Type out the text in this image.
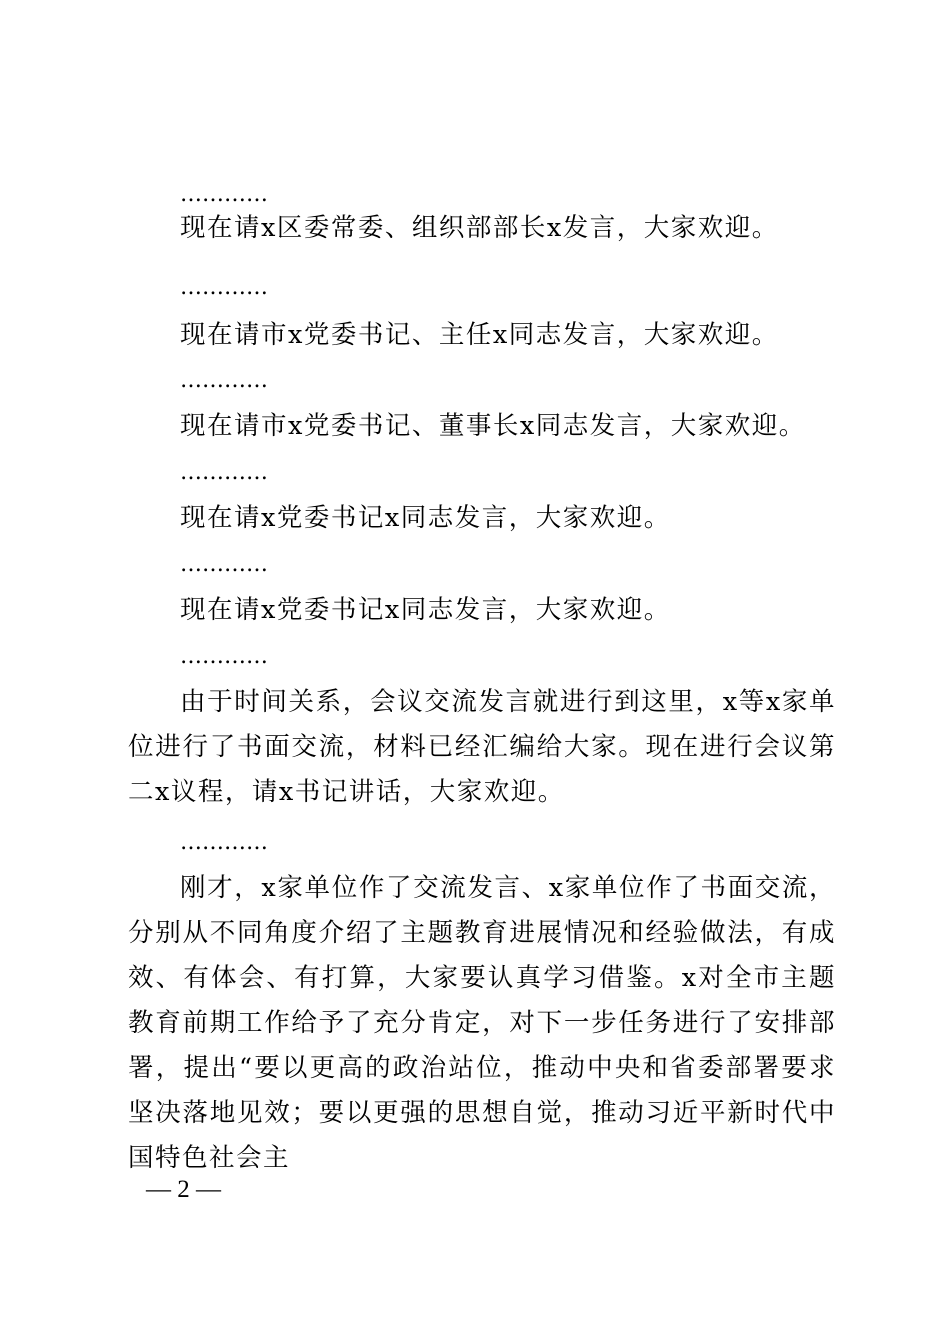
…………
现在请x区委常委、组织部部长x发言，大家欢迎。
…………
现在请市x党委书记、主任x同志发言，大家欢迎。
…………
现在请市x党委书记、董事长x同志发言，大家欢迎。
…………
现在请x党委书记x同志发言，大家欢迎。
…………
现在请x党委书记x同志发言，大家欢迎。
…………
由于时间关系，会议交流发言就进行到这里，x等x家单位进行了书面交流，材料已经汇编给大家。现在进行会议第二x议程，请x书记讲话，大家欢迎。
…………
刚才，x家单位作了交流发言、x家单位作了书面交流，分别从不同角度介绍了主题教育进展情况和经验做法，有成效、有体会、有打算，大家要认真学习借鉴。x对全市主题教育前期工作给予了充分肯定，对下一步任务进行了安排部署，提出“要以更高的政治站位，推动中央和省委部署要求坚决落地见效；要以更强的思想自觉，推动习近平新时代中国特色社会主
— 2 —
